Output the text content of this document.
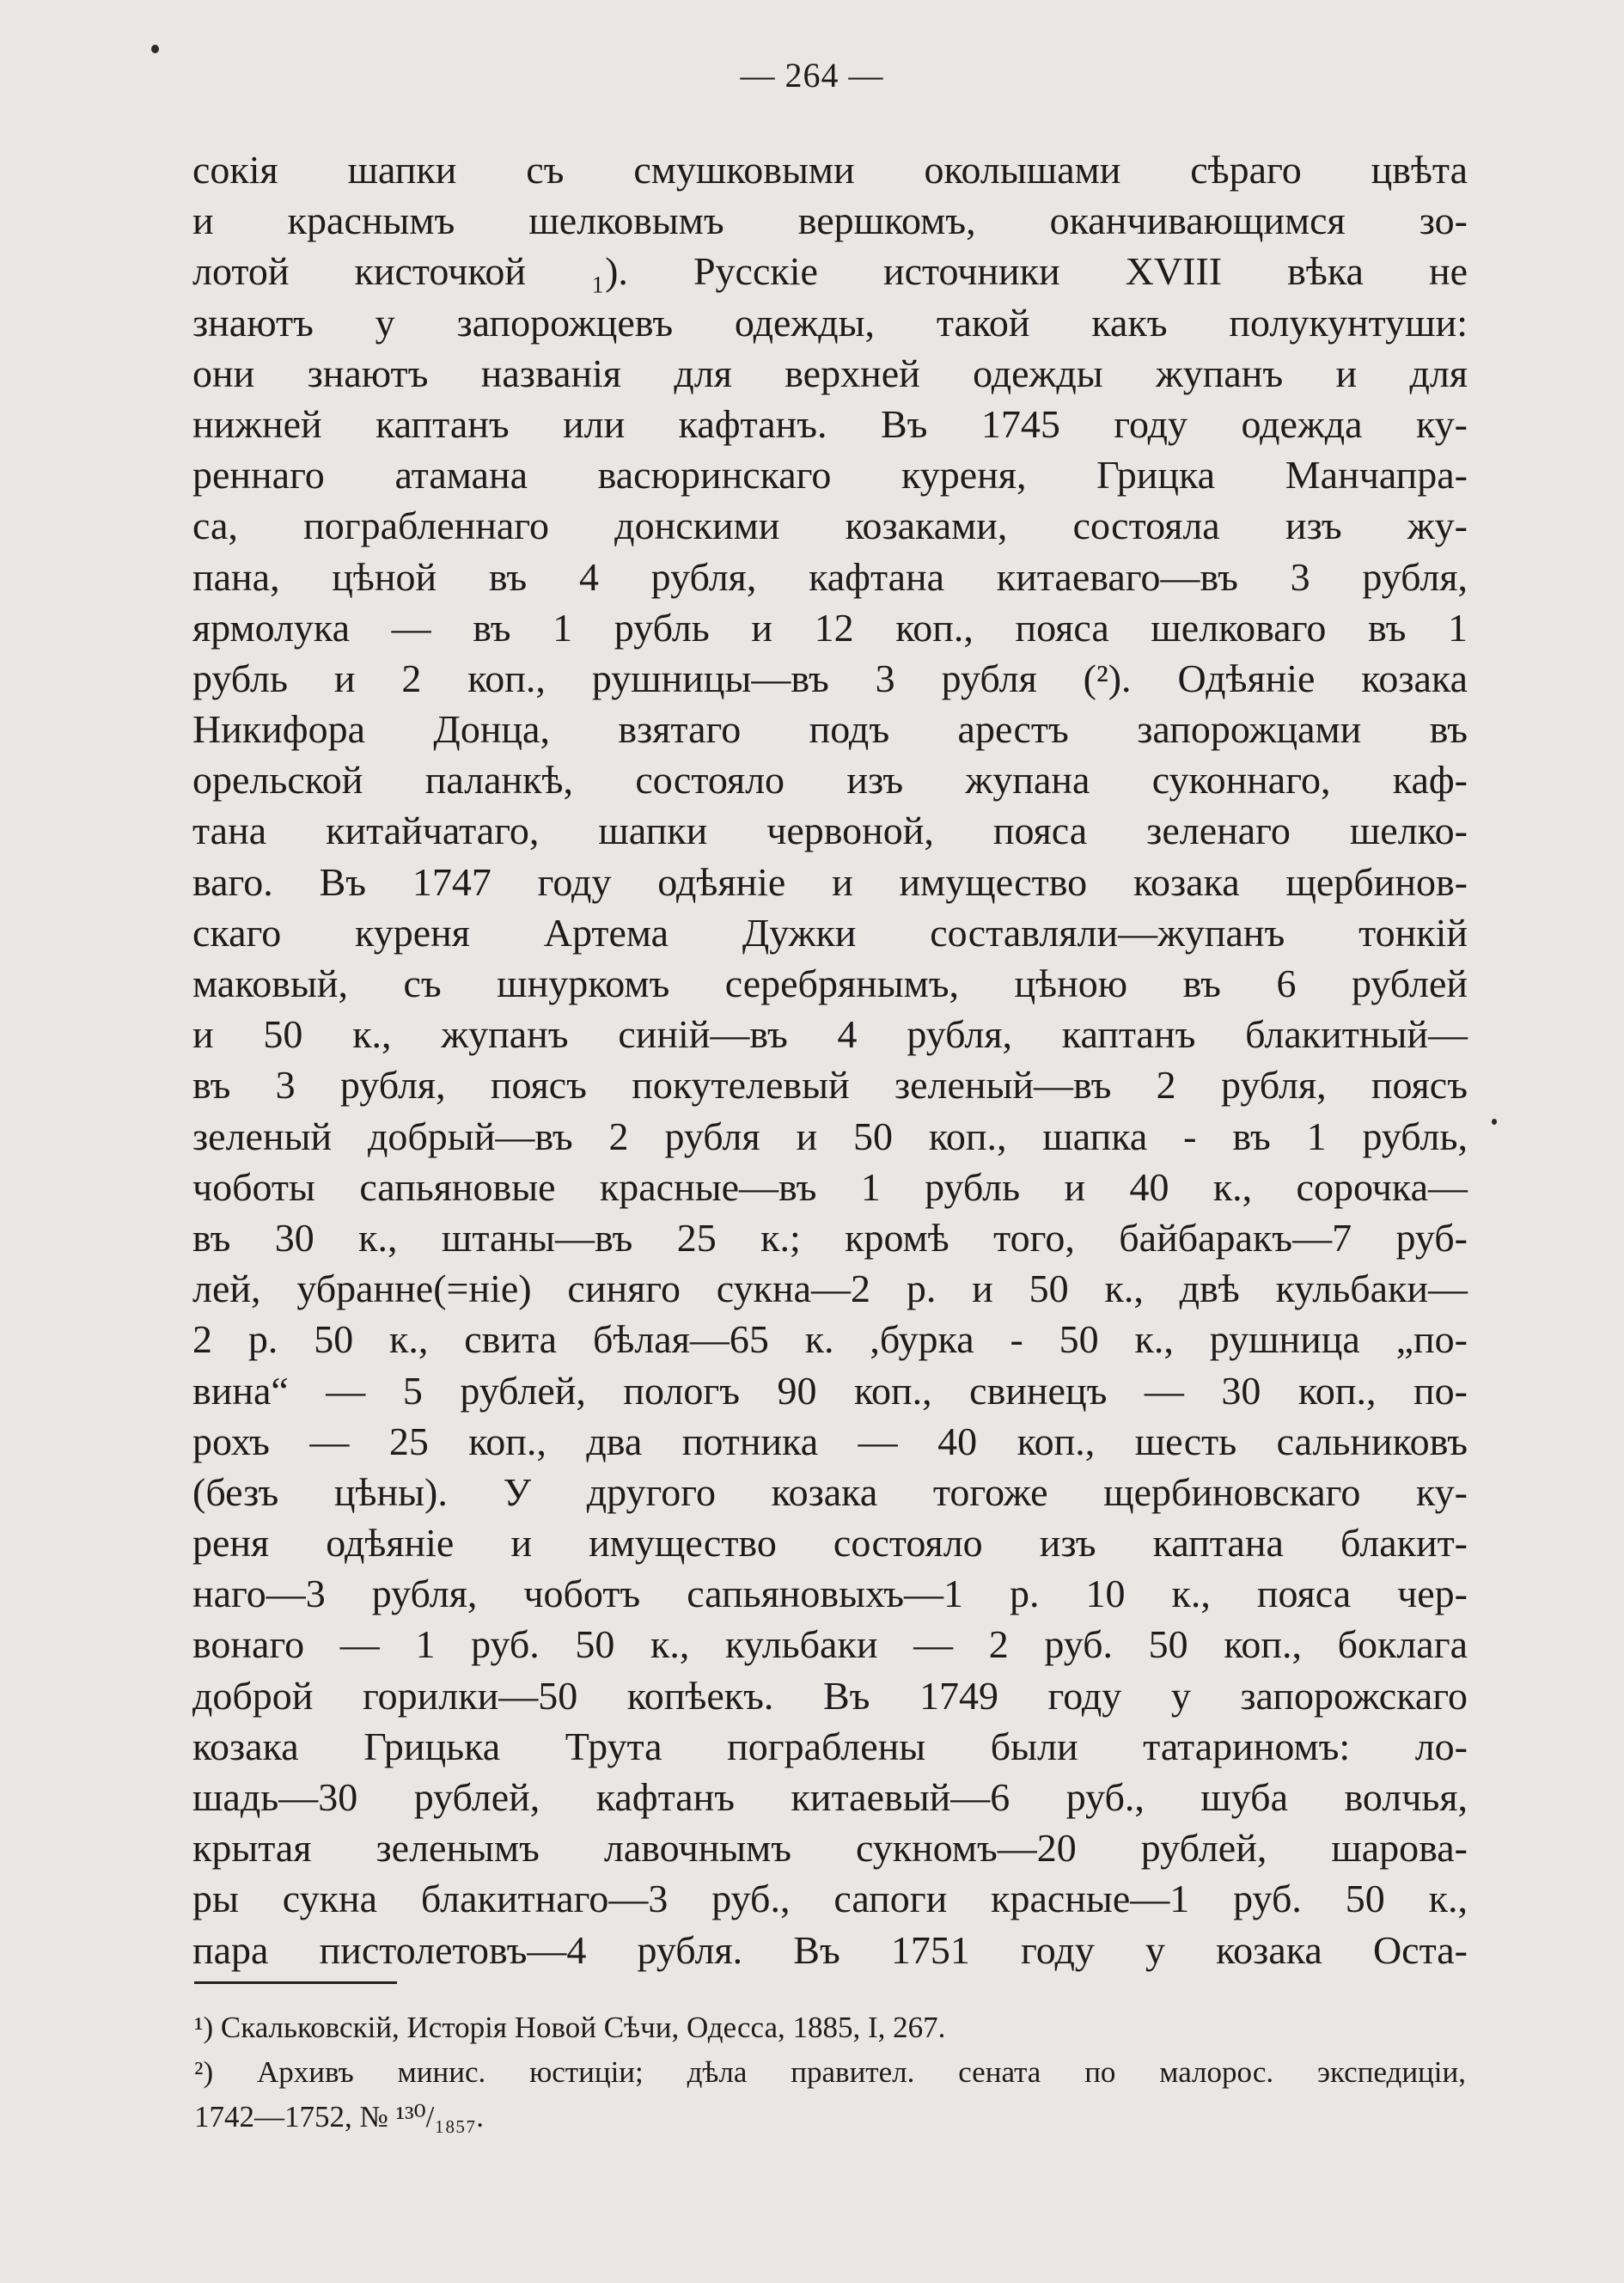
— 264 —

сокія шапки съ смушковыми околышами сѣраго цвѣта
и краснымъ шелковымъ вершкомъ, оканчивающимся зо-
лотой кисточкой ₁). Русскіе источники XVIII вѣка не
знаютъ у запорожцевъ одежды, такой какъ полукунтуши:
они знаютъ названія для верхней одежды жупанъ и для
нижней каптанъ или кафтанъ. Въ 1745 году одежда ку-
реннаго атамана васюринскаго куреня, Грицка Манчапра-
са, пограбленнаго донскими козаками, состояла изъ жу-
пана, цѣной въ 4 рубля, кафтана китаеваго—въ 3 рубля,
ярмолука — въ 1 рубль и 12 коп., пояса шелковаго въ 1
рубль и 2 коп., рушницы—въ 3 рубля (²). Одѣяніе козака
Никифора Донца, взятаго подъ арестъ запорожцами въ
орельской паланкѣ, состояло изъ жупана суконнаго, каф-
тана китайчатаго, шапки червоной, пояса зеленаго шелко-
ваго. Въ 1747 году одѣяніе и имущество козака щербинов-
скаго куреня Артема Дужки составляли—жупанъ тонкій
маковый, съ шнуркомъ серебрянымъ, цѣною въ 6 рублей
и 50 к., жупанъ синій—въ 4 рубля, каптанъ блакитный—
въ 3 рубля, поясъ покутелевый зеленый—въ 2 рубля, поясъ
зеленый добрый—въ 2 рубля и 50 коп., шапка - въ 1 рубль,
чоботы сапьяновые красные—въ 1 рубль и 40 к., сорочка—
въ 30 к., штаны—въ 25 к.; кромѣ того, байбаракъ—7 руб-
лей, убранне(=ніе) синяго сукна—2 р. и 50 к., двѣ кульбаки—
2 р. 50 к., свита бѣлая—65 к. ,бурка - 50 к., рушница „по-
вина“ — 5 рублей, пологъ 90 коп., свинецъ — 30 коп., по-
рохъ — 25 коп., два потника — 40 коп., шесть сальниковъ
(безъ цѣны). У другого козака тогоже щербиновскаго ку-
реня одѣяніе и имущество состояло изъ каптана блакит-
наго—3 рубля, чоботъ сапьяновыхъ—1 р. 10 к., пояса чер-
вонаго — 1 руб. 50 к., кульбаки — 2 руб. 50 коп., боклага
доброй горилки—50 копѣекъ. Въ 1749 году у запорожскаго
козака Грицька Трута пограблены были татариномъ: ло-
шадь—30 рублей, кафтанъ китаевый—6 руб., шуба волчья,
крытая зеленымъ лавочнымъ сукномъ—20 рублей, шарова-
ры сукна блакитнаго—3 руб., сапоги красные—1 руб. 50 к.,
пара пистолетовъ—4 рубля. Въ 1751 году у козака Оста-
¹) Скальковскій, Исторія Новой Сѣчи, Одесса, 1885, I, 267.
²) Архивъ минис. юстиціи; дѣла правител. сената по малорос. экспедиціи,
1742—1752, № ¹³⁰/₁₈₅₇.
